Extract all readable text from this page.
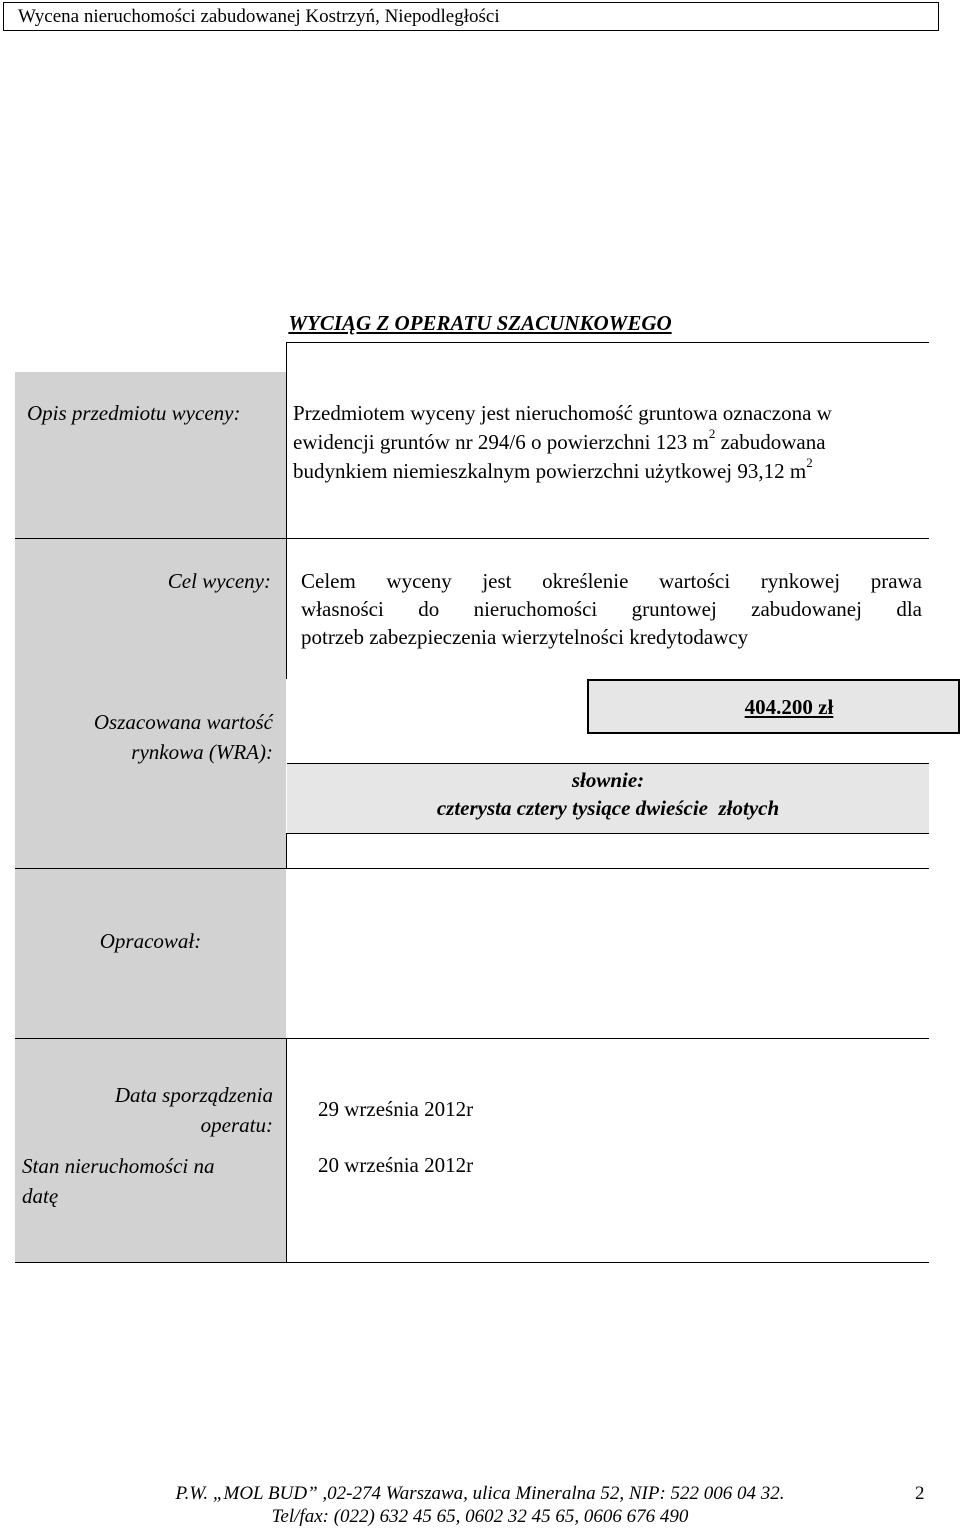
Wycena nieruchomości zabudowanej Kostrzyń, Niepodległości
WYCIĄG Z OPERATU SZACUNKOWEGO
Opis przedmiotu wyceny:	Przedmiotem wyceny jest nieruchomość gruntowa oznaczona w
ewidencji gruntów nr 294/6 o powierzchni 123 $m^2$ zabudowana
budynkiem niemieszkalnym powierzchni użytkowej 93,12 $m^2$
Cel wyceny: Celem wyceny jest określenie wartości rynkowej prawa
własności do nieruchomości gruntowej zabudowanej dla
potrzeb zabezpieczenia wierzytelności kredytodawcy
Oszacowana wartość
rynkowa (WRA):
404.200 zł
słownie:
czterysta cztery tysiące dwieście  złotych
Opracował:
Data sporządzenia
operatu:
Stan nieruchomości na
datę
29 września 2012r
20 września 2012r
P.W. „MOL BUD” ,02-274 Warszawa, ulica Mineralna 52, NIP: 522 006 04 32.
Tel/fax: (022) 632 45 65, 0602 32 45 65, 0606 676 490
2
